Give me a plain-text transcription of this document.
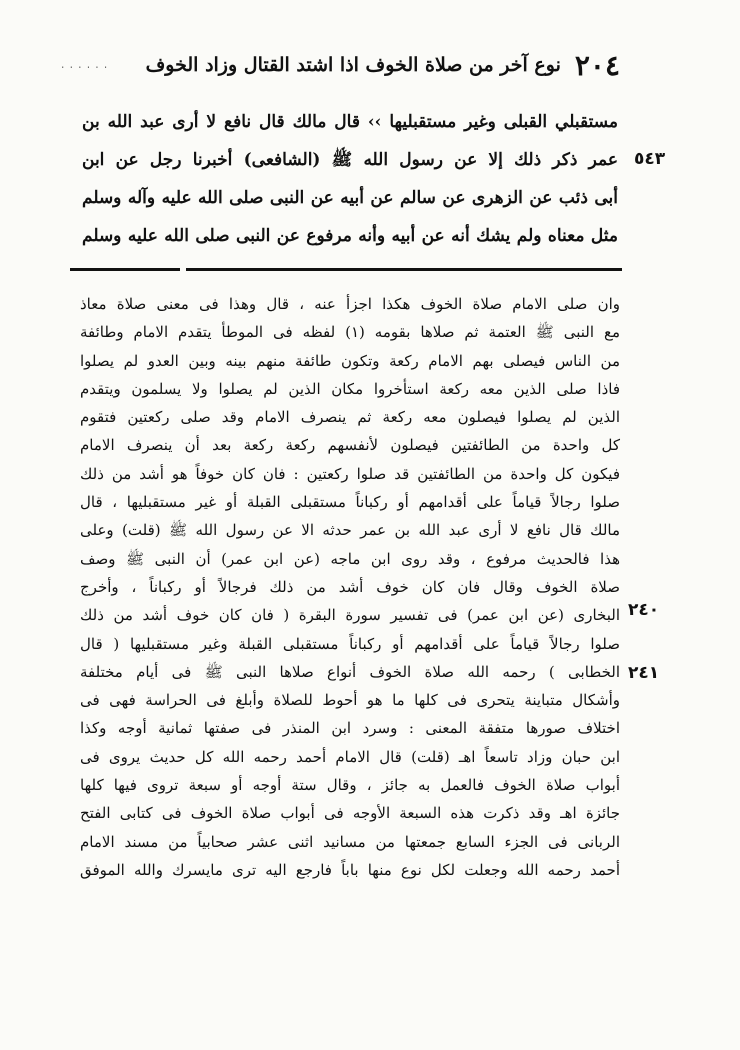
٢٠٤
نوع آخر من صلاة الخوف اذا اشتد القتال وزاد الخوف
٠ ٠ ٠ ٠ ٠ ٠
مستقبلي القبلى وغير مستقبليها ›› قال مالك قال نافع لا أرى عبد الله بن
عمر ذكر ذلك إلا عن رسول الله ﷺ (الشافعى) أخبرنا رجل عن ابن
أبى ذئب عن الزهرى عن سالم عن أبيه عن النبى صلى الله عليه وآله وسلم
مثل معناه ولم يشك أنه عن أبيه وأنه مرفوع عن النبى صلى الله عليه وسلم
٥٤٣
وان صلى الامام صلاة الخوف هكذا اجزأ عنه ، قال وهذا فى معنى صلاة معاذ
مع النبى ﷺ العتمة ثم صلاها بقومه (١) لفظه فى الموطأ يتقدم الامام وطائفة
من الناس فيصلى بهم الامام ركعة وتكون طائفة منهم بينه وبين العدو لم يصلوا
فاذا صلى الذين معه ركعة استأخروا مكان الذين لم يصلوا ولا يسلمون ويتقدم
الذين لم يصلوا فيصلون معه ركعة ثم ينصرف الامام وقد صلى ركعتين فتقوم
كل واحدة من الطائفتين فيصلون لأنفسهم ركعة ركعة بعد أن ينصرف الامام
فيكون كل واحدة من الطائفتين قد صلوا ركعتين : فان كان خوفاً هو أشد من ذلك
صلوا رجالاً قياماً على أقدامهم أو ركباناً مستقبلى القبلة أو غير مستقبليها ، قال
مالك قال نافع لا أرى عبد الله بن عمر حدثه الا عن رسول الله ﷺ (قلت) وعلى
هذا فالحديث مرفوع ، وقد روى ابن ماجه (عن ابن عمر) أن النبى ﷺ وصف
صلاة الخوف وقال فان كان خوف أشد من ذلك فرجالاً أو ركباناً ، وأخرج
البخارى (عن ابن عمر) فى تفسير سورة البقرة ( فان كان خوف أشد من ذلك
صلوا رجالاً قياماً على أقدامهم أو ركباناً مستقبلى القبلة وغير مستقبليها ( قال
الخطابى ) رحمه الله صلاة الخوف أنواع صلاها النبى ﷺ فى أيام مختلفة
وأشكال متباينة يتحرى فى كلها ما هو أحوط للصلاة وأبلغ فى الحراسة فهى فى
اختلاف صورها متفقة المعنى : وسرد ابن المنذر فى صفتها ثمانية أوجه وكذا
ابن حبان وزاد تاسعاً اهـ (قلت) قال الامام أحمد رحمه الله كل حديث يروى فى
أبواب صلاة الخوف فالعمل به جائز ، وقال ستة أوجه أو سبعة تروى فيها كلها
جائزة اهـ وقد ذكرت هذه السبعة الأوجه فى أبواب صلاة الخوف فى كتابى الفتح
الربانى فى الجزء السابع جمعتها من مسانيد اثنى عشر صحابياً من مسند الامام
أحمد رحمه الله وجعلت لكل نوع منها باباً فارجع اليه ترى مايسرك والله الموفق
٢٤٠
٢٤١
